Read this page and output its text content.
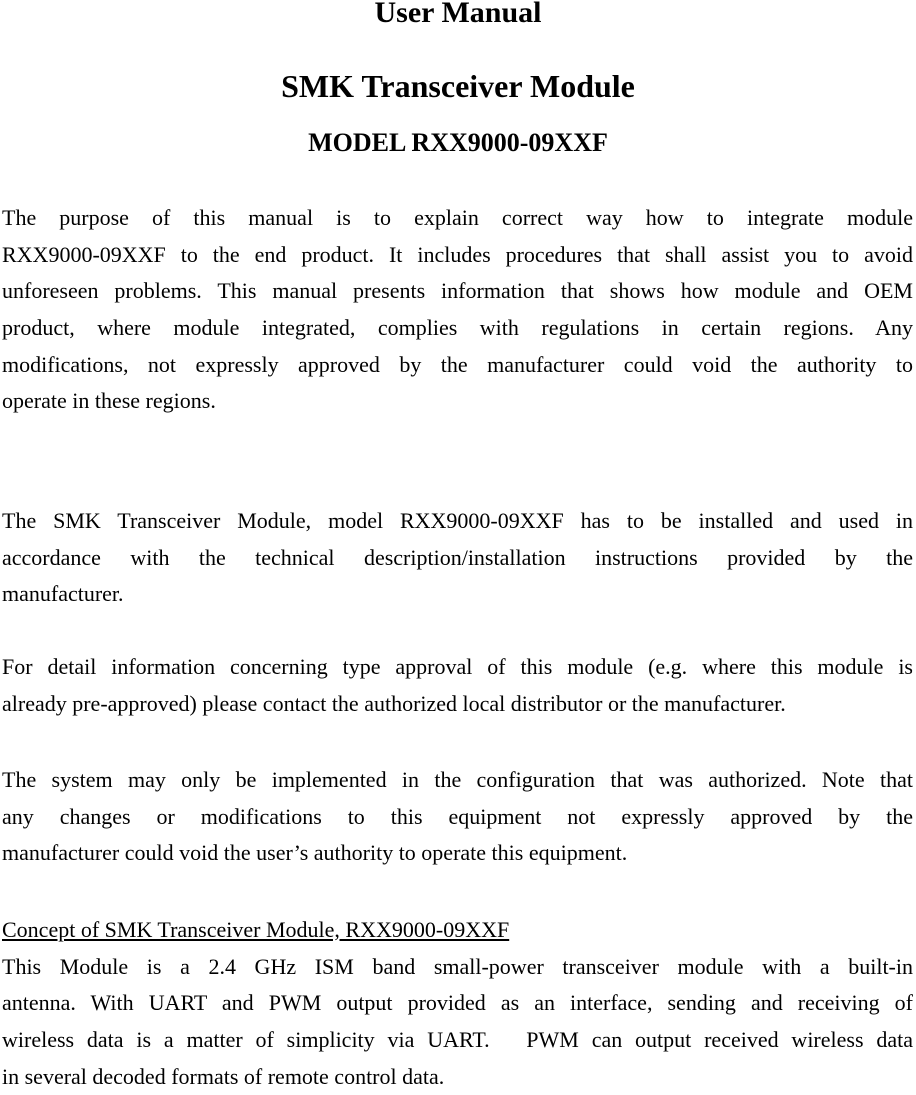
User Manual
SMK Transceiver Module
MODEL RXX9000-09XXF
The purpose of this manual is to explain correct way how to integrate module
RXX9000-09XXF to the end product. It includes procedures that shall assist you to avoid
unforeseen problems. This manual presents information that shows how module and OEM
product, where module integrated, complies with regulations in certain regions. Any
modifications, not expressly approved by the manufacturer could void the authority to
operate in these regions.
The SMK Transceiver Module, model RXX9000-09XXF has to be installed and used in
accordance with the technical description/installation instructions provided by the
manufacturer.
For detail information concerning type approval of this module (e.g. where this module is
already pre-approved) please contact the authorized local distributor or the manufacturer.
The system may only be implemented in the configuration that was authorized. Note that
any changes or modifications to this equipment not expressly approved by the
manufacturer could void the user’s authority to operate this equipment.
Concept of SMK Transceiver Module, RXX9000-09XXF
This Module is a 2.4 GHz ISM band small-power transceiver module with a built-in
antenna. With UART and PWM output provided as an interface, sending and receiving of
wireless data is a matter of simplicity via UART.　PWM can output received wireless data
in several decoded formats of remote control data.
